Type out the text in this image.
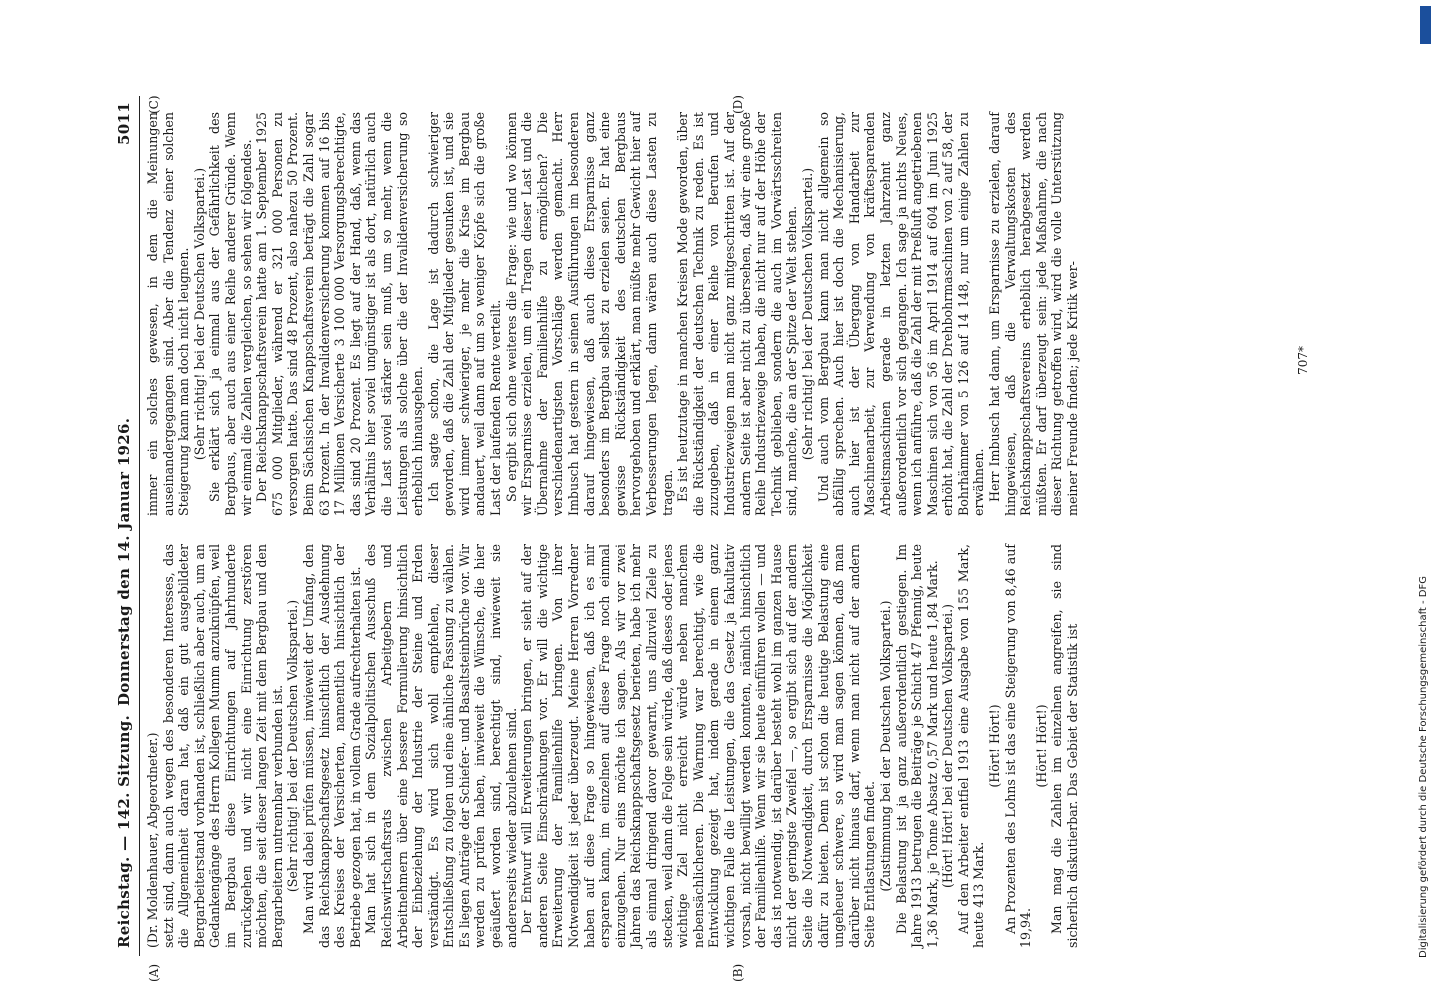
Reichstag. — 142. Sitzung.
Donnerstag den 14. Januar 1926.
5011

(Dr. Moldenhauer, Abgeordneter.) setzt sind, dann auch wegen des besonderen Interesses, das die Allgemeinheit daran hat, daß ein gut ausgebildeter Bergarbeiterstand vorhanden ist, schließlich aber auch, um an Gedankengänge des Herrn Kollegen Mumm anzuknüpfen, weil im Bergbau diese Einrichtungen auf Jahrhunderte zurückgehen und wir nicht eine Einrichtung zerstören möchten, die seit dieser langen Zeit mit dem Bergbau und den Bergarbeitern untrennbar verbunden ist. (Sehr richtig! bei der Deutschen Volkspartei.) Man wird dabei prüfen müssen, inwieweit der Umfang, den das Reichsknappschaftsgesetz hinsichtlich der Ausdehnung des Kreises der Versicherten, namentlich hinsichtlich der Betriebe gezogen hat, in vollem Grade aufrechterhalten ist. Man hat sich in dem Sozialpolitischen Ausschuß des Reichswirtschaftsrats zwischen Arbeitgebern und Arbeitnehmern über eine bessere Formulierung hinsichtlich der Einbeziehung der Industrie der Steine und Erden verständigt. Es wird sich wohl empfehlen, dieser Entschließung zu folgen und eine ähnliche Fassung zu wählen. Es liegen Anträge der Schiefer- und Basaltsteinbrüche vor. Wir werden zu prüfen haben, inwieweit die Wünsche, die hier geäußert worden sind, berechtigt sind, inwieweit sie andererseits wieder abzulehnen sind. Der Entwurf will Erweiterungen bringen, er sieht auf der anderen Seite Einschränkungen vor. Er will die wichtige Erweiterung der Familienhilfe bringen. Von ihrer Notwendigkeit ist jeder überzeugt. Meine Herren Vorredner haben auf diese Frage so hingewiesen, daß ich es mir ersparen kann, im einzelnen auf diese Frage noch einmal einzugehen. Nur eins möchte ich sagen. Als wir vor zwei Jahren das Reichsknappschaftsgesetz berieten, habe ich mehr als einmal dringend davor gewarnt, uns allzuviel Ziele zu stecken, weil dann die Folge sein würde, daß dieses oder jenes wichtige Ziel nicht erreicht würde neben manchem nebensächlicheren. Die Warnung war berechtigt, wie die Entwicklung gezeigt hat, indem gerade in einem ganz wichtigen Falle die Leistungen, die das Gesetz ja fakultativ vorsah, nicht bewilligt werden konnten, nämlich hinsichtlich der Familienhilfe. Wenn wir sie heute einführen wollen — und das ist notwendig, ist darüber besteht wohl im ganzen Hause nicht der geringste Zweifel —, so ergibt sich auf der andern Seite die Notwendigkeit, durch Ersparnisse die Möglichkeit dafür zu bieten. Denn ist schon die heutige Belastung eine ungeheuer schwere, so wird man sagen können, daß man darüber nicht hinaus darf, wenn man nicht auf der andern Seite Entlastungen findet. (Zustimmung bei der Deutschen Volkspartei.) Die Belastung ist ja ganz außerordentlich gestiegen. Im Jahre 1913 betrugen die Beiträge je Schicht 47 Pfennig, heute 1,36 Mark, je Tonne Absatz 0,57 Mark und heute 1,84 Mark. (Hört! Hört! bei der Deutschen Volkspartei.) Auf den Arbeiter entfiel 1913 eine Ausgabe von 155 Mark, heute 413 Mark.

(Hört! Hört!) An Prozenten des Lohns ist das eine Steigerung von 8,46 auf 19,94.

(Hört! Hört!) Man mag die Zahlen im einzelnen angreifen, sie sind sicherlich diskutierbar. Das Gebiet der Statistik ist

immer ein solches gewesen, in dem die Meinungen auseinandergegangen sind. Aber die Tendenz einer solchen Steigerung kann man doch nicht leugnen. (Sehr richtig! bei der Deutschen Volkspartei.) Sie erklärt sich ja einmal aus der Gefährlichkeit des Bergbaus, aber auch aus einer Reihe anderer Gründe. Wenn wir einmal die Zahlen vergleichen, so sehen wir folgendes. Der Reichsknappschaftsverein hatte am 1. September 1925 675 000 Mitglieder, während er 321 000 Personen zu versorgen hatte. Das sind 48 Prozent, also nahezu 50 Prozent. Beim Sächsischen Knappschaftsverein beträgt die Zahl sogar 63 Prozent. In der Invalidenversicherung kommen auf 16 bis 17 Millionen Versicherte 3 100 000 Versorgungsberechtigte, das sind 20 Prozent. Es liegt auf der Hand, daß, wenn das Verhältnis hier soviel ungünstiger ist als dort, natürlich auch die Last soviel stärker sein muß, um so mehr, wenn die Leistungen als solche über die der Invalidenversicherung so erheblich hinausgehen. Ich sagte schon, die Lage ist dadurch schwieriger geworden, daß die Zahl der Mitglieder gesunken ist, und sie wird immer schwieriger, je mehr die Krise im Bergbau andauert, weil dann auf um so weniger Köpfe sich die große Last der laufenden Rente verteilt. So ergibt sich ohne weiteres die Frage: wie und wo können wir Ersparnisse erzielen, um ein Tragen dieser Last und die Übernahme der Familienhilfe zu ermöglichen? Die verschiedenartigsten Vorschläge werden gemacht. Herr Imbusch hat gestern in seinen Ausführungen im besonderen darauf hingewiesen, daß auch diese Ersparnisse ganz besonders im Bergbau selbst zu erzielen seien. Er hat eine gewisse Rückständigkeit des deutschen Bergbaus hervorgehoben und erklärt, man müßte mehr Gewicht hier auf Verbesserungen legen, dann wären auch diese Lasten zu tragen. Es ist heutzutage in manchen Kreisen Mode geworden, über die Rückständigkeit der deutschen Technik zu reden. Es ist zuzugeben, daß in einer Reihe von Berufen und Industriezweigen man nicht ganz mitgeschritten ist. Auf der andern Seite ist aber nicht zu übersehen, daß wir eine große Reihe Industriezweige haben, die nicht nur auf der Höhe der Technik geblieben, sondern die auch im Vorwärtsschreiten sind, manche, die an der Spitze der Welt stehen. (Sehr richtig! bei der Deutschen Volkspartei.) Und auch vom Bergbau kann man nicht allgemein so abfällig sprechen. Auch hier ist doch die Mechanisierung, auch hier ist der Übergang von Handarbeit zur Maschinenarbeit, zur Verwendung von kräftesparenden Arbeitsmaschinen gerade in letzten Jahrzehnt ganz außerordentlich vor sich gegangen. Ich sage ja nichts Neues, wenn ich anführe, daß die Zahl der mit Preßluft angetriebenen Maschinen sich von 56 im April 1914 auf 604 im Juni 1925 erhöht hat, die Zahl der Drehbohrmaschinen von 2 auf 58, der Bohrhämmer von 5 126 auf 14 148, nur um einige Zahlen zu erwähnen. Herr Imbusch hat dann, um Ersparnisse zu erzielen, darauf hingewiesen, daß die Verwaltungskosten des Reichsknappschaftsvereins erheblich herabgesetzt werden müßten. Er darf überzeugt sein: jede Maßnahme, die nach dieser Richtung getroffen wird, wird die volle Unterstützung meiner Freunde finden; jede Kritik wer-

(A)	(B)
(C)	(D)
707*
Digitalisierung gefördert durch die Deutsche Forschungsgemeinschaft - DFG
